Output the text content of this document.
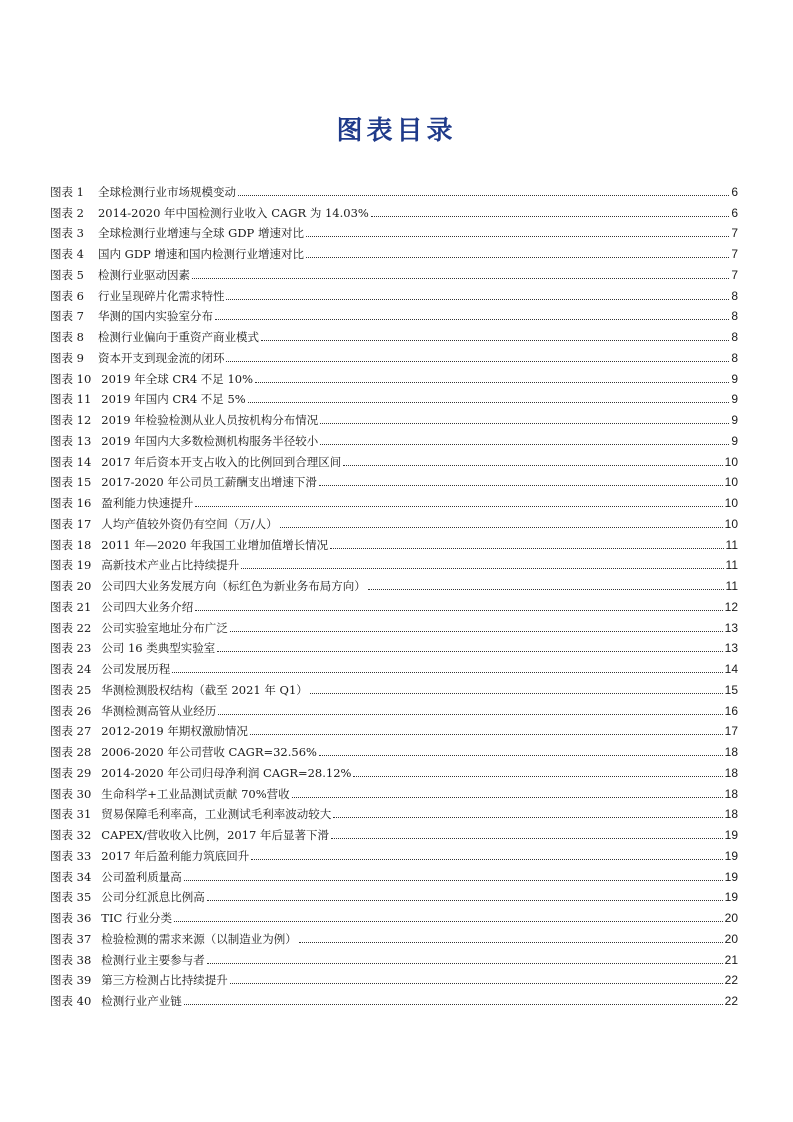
图表目录
图表 1 全球检测行业市场规模变动	6
图表 2 2014-2020 年中国检测行业收入 CAGR 为 14.03%	6
图表 3 全球检测行业增速与全球 GDP 增速对比	7
图表 4 国内 GDP 增速和国内检测行业增速对比	7
图表 5 检测行业驱动因素	7
图表 6 行业呈现碎片化需求特性	8
图表 7 华测的国内实验室分布	8
图表 8 检测行业偏向于重资产商业模式	8
图表 9 资本开支到现金流的闭环	8
图表 10 2019 年全球 CR4 不足 10%	9
图表 11 2019 年国内 CR4 不足 5%	9
图表 12 2019 年检验检测从业人员按机构分布情况	9
图表 13 2019 年国内大多数检测机构服务半径较小	9
图表 14 2017 年后资本开支占收入的比例回到合理区间	10
图表 15 2017-2020 年公司员工薪酬支出增速下滑	10
图表 16 盈利能力快速提升	10
图表 17 人均产值较外资仍有空间（万/人）	10
图表 18 2011 年—2020 年我国工业增加值增长情况	11
图表 19 高新技术产业占比持续提升	11
图表 20 公司四大业务发展方向（标红色为新业务布局方向）	11
图表 21 公司四大业务介绍	12
图表 22 公司实验室地址分布广泛	13
图表 23 公司 16 类典型实验室	13
图表 24 公司发展历程	14
图表 25 华测检测股权结构（截至 2021 年 Q1）	15
图表 26 华测检测高管从业经历	16
图表 27 2012-2019 年期权激励情况	17
图表 28 2006-2020 年公司营收 CAGR=32.56%	18
图表 29 2014-2020 年公司归母净利润 CAGR=28.12%	18
图表 30 生命科学+工业品测试贡献 70%营收	18
图表 31 贸易保障毛利率高，工业测试毛利率波动较大	18
图表 32 CAPEX/营收收入比例，2017 年后显著下滑	19
图表 33 2017 年后盈利能力筑底回升	19
图表 34 公司盈利质量高	19
图表 35 公司分红派息比例高	19
图表 36 TIC 行业分类	20
图表 37 检验检测的需求来源（以制造业为例）	20
图表 38 检测行业主要参与者	21
图表 39 第三方检测占比持续提升	22
图表 40 检测行业产业链	22
